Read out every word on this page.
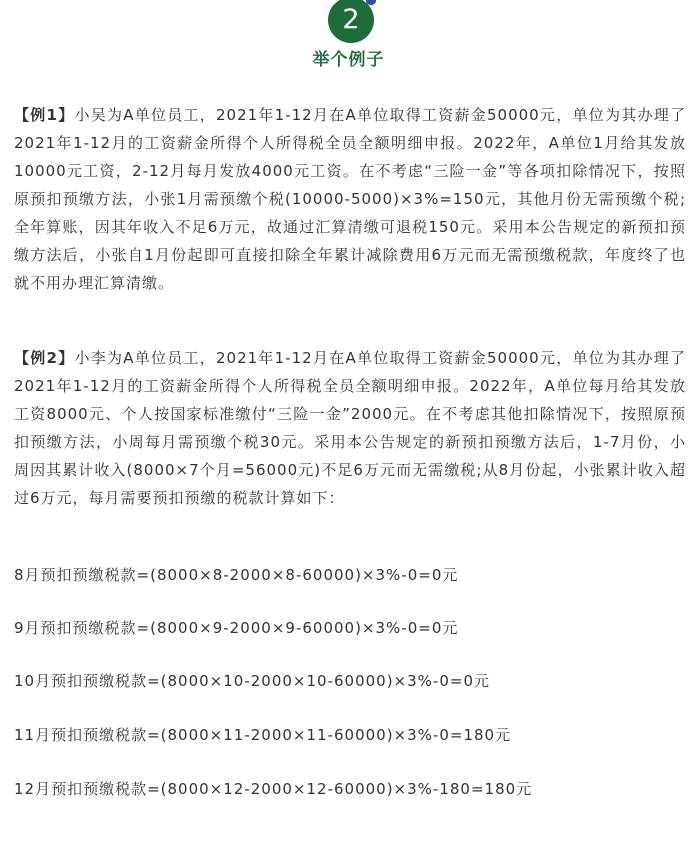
2
举个例子

【例1】小吴为A单位员工，2021年1-12月在A单位取得工资薪金50000元，单位为其办理了2021年1-12月的工资薪金所得个人所得税全员全额明细申报。2022年，A单位1月给其发放10000元工资，2-12月每月发放4000元工资。在不考虑“三险一金”等各项扣除情况下，按照原预扣预缴方法，小张1月需预缴个税(10000-5000)×3%=150元，其他月份无需预缴个税;全年算账，因其年收入不足6万元，故通过汇算清缴可退税150元。采用本公告规定的新预扣预缴方法后，小张自1月份起即可直接扣除全年累计减除费用6万元而无需预缴税款，年度终了也就不用办理汇算清缴。

【例2】小李为A单位员工，2021年1-12月在A单位取得工资薪金50000元，单位为其办理了2021年1-12月的工资薪金所得个人所得税全员全额明细申报。2022年，A单位每月给其发放工资8000元、个人按国家标准缴付“三险一金”2000元。在不考虑其他扣除情况下，按照原预扣预缴方法，小周每月需预缴个税30元。采用本公告规定的新预扣预缴方法后，1-7月份，小周因其累计收入(8000×7个月=56000元)不足6万元而无需缴税;从8月份起，小张累计收入超过6万元，每月需要预扣预缴的税款计算如下：

8月预扣预缴税款=(8000×8-2000×8-60000)×3%-0=0元

9月预扣预缴税款=(8000×9-2000×9-60000)×3%-0=0元

10月预扣预缴税款=(8000×10-2000×10-60000)×3%-0=0元

11月预扣预缴税款=(8000×11-2000×11-60000)×3%-0=180元

12月预扣预缴税款=(8000×12-2000×12-60000)×3%-180=180元
